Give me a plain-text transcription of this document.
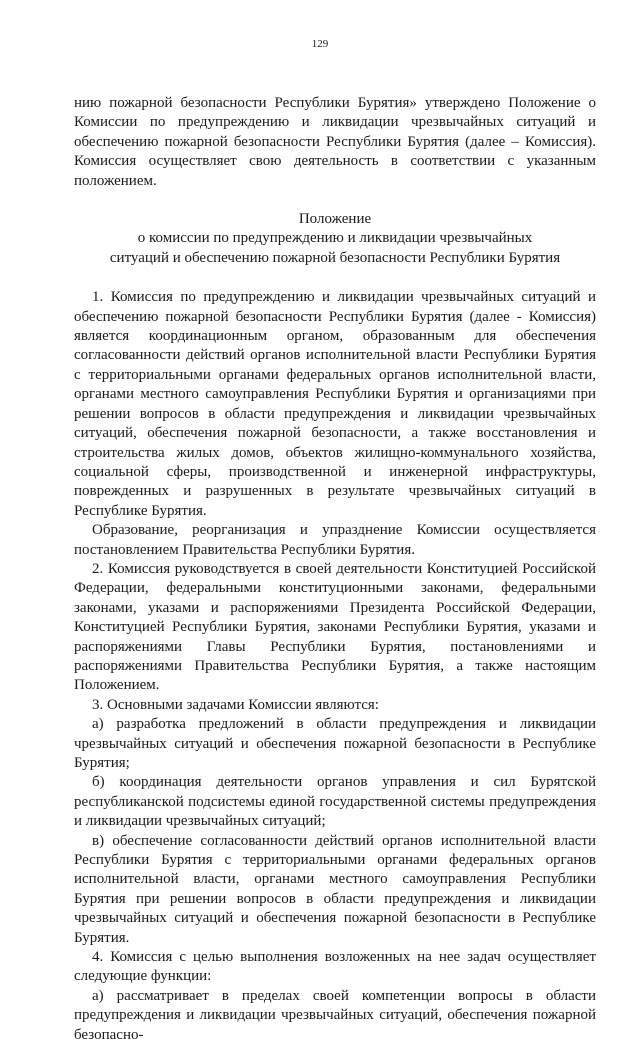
129

нию пожарной безопасности Республики Бурятия» утверждено Положение о Комиссии по предупреждению и ликвидации чрезвычайных ситуаций и обеспечению пожарной безопасности Республики Бурятия (далее – Комиссия). Комиссия осуществляет свою деятельность в соответствии с указанным положением.

Положение

о комиссии по предупреждению и ликвидации чрезвычайных

ситуаций и обеспечению пожарной безопасности Республики Бурятия

1. Комиссия по предупреждению и ликвидации чрезвычайных ситуаций и обеспечению пожарной безопасности Республики Бурятия (далее - Комиссия) является координационным органом, образованным для обеспечения согласованности действий органов исполнительной власти Республики Бурятия с территориальными органами федеральных органов исполнительной власти, органами местного самоуправления Республики Бурятия и организациями при решении вопросов в области предупреждения и ликвидации чрезвычайных ситуаций, обеспечения пожарной безопасности, а также восстановления и строительства жилых домов, объектов жилищно-коммунального хозяйства, социальной сферы, производственной и инженерной инфраструктуры, поврежденных и разрушенных в результате чрезвычайных ситуаций в Республике Бурятия.

Образование, реорганизация и упразднение Комиссии осуществляется постановлением Правительства Республики Бурятия.

2. Комиссия руководствуется в своей деятельности Конституцией Российской Федерации, федеральными конституционными законами, федеральными законами, указами и распоряжениями Президента Российской Федерации, Конституцией Республики Бурятия, законами Республики Бурятия, указами и распоряжениями Главы Республики Бурятия, постановлениями и распоряжениями Правительства Республики Бурятия, а также настоящим Положением.

3. Основными задачами Комиссии являются:

а) разработка предложений в области предупреждения и ликвидации чрезвычайных ситуаций и обеспечения пожарной безопасности в Республике Бурятия;

б) координация деятельности органов управления и сил Бурятской республиканской подсистемы единой государственной системы предупреждения и ликвидации чрезвычайных ситуаций;

в) обеспечение согласованности действий органов исполнительной власти Республики Бурятия с территориальными органами федеральных органов исполнительной власти, органами местного самоуправления Республики Бурятия при решении вопросов в области предупреждения и ликвидации чрезвычайных ситуаций и обеспечения пожарной безопасности в Республике Бурятия.

4. Комиссия с целью выполнения возложенных на нее задач осуществляет следующие функции:

а) рассматривает в пределах своей компетенции вопросы в области предупреждения и ликвидации чрезвычайных ситуаций, обеспечения пожарной безопасно-
